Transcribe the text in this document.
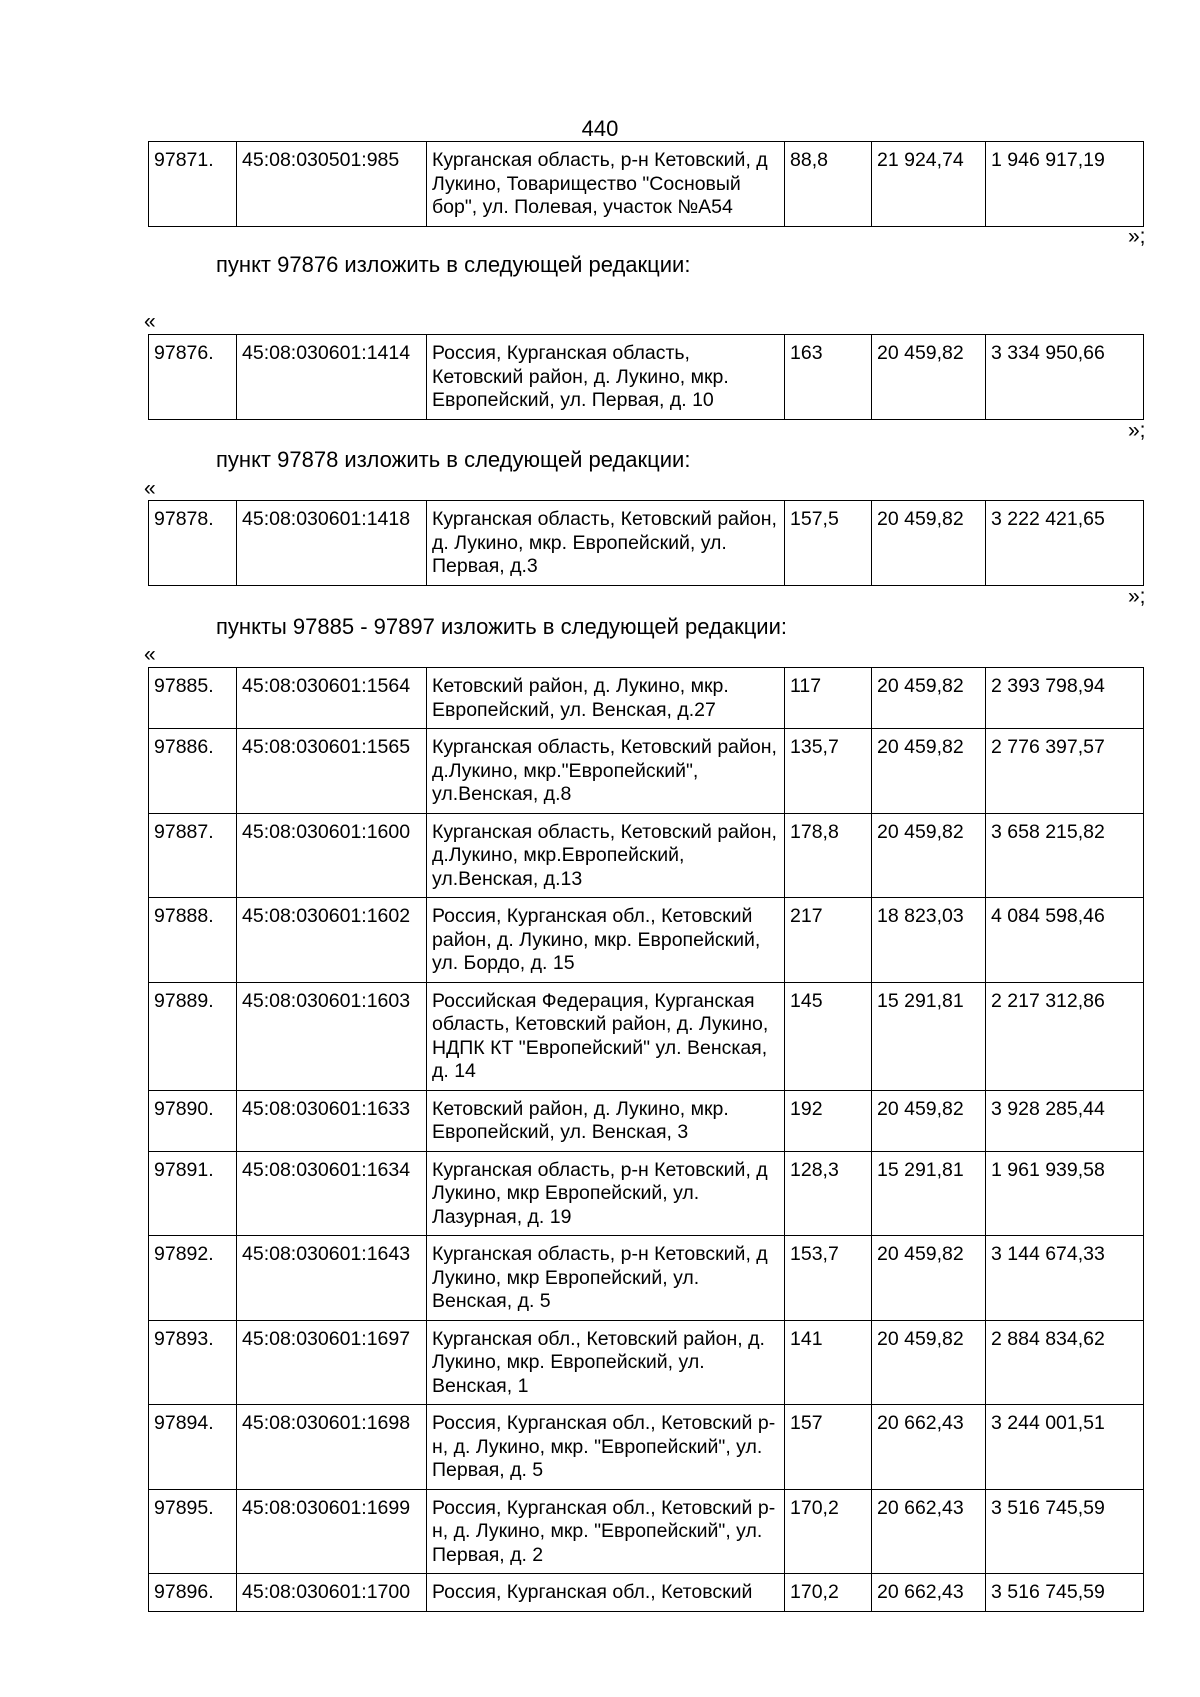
440
97871.	45:08:030501:985	Курганская область, р-н Кетовский, д Лукино, Товарищество "Сосновый бор", ул. Полевая, участок №А54	88,8	21 924,74	1 946 917,19
»;
пункт 97876 изложить в следующей редакции:
«
97876.	45:08:030601:1414	Россия, Курганская область, Кетовский район, д. Лукино, мкр. Европейский, ул. Первая, д. 10	163	20 459,82	3 334 950,66
»;
пункт 97878 изложить в следующей редакции:
«
97878.	45:08:030601:1418	Курганская область, Кетовский район, д. Лукино, мкр. Европейский, ул. Первая, д.3	157,5	20 459,82	3 222 421,65
»;
пункты 97885 - 97897 изложить в следующей редакции:
«
97885.	45:08:030601:1564	Кетовский район, д. Лукино, мкр. Европейский, ул. Венская, д.27	117	20 459,82	2 393 798,94
97886.	45:08:030601:1565	Курганская область, Кетовский район, д.Лукино, мкр."Европейский", ул.Венская, д.8	135,7	20 459,82	2 776 397,57
97887.	45:08:030601:1600	Курганская область, Кетовский район, д.Лукино, мкр.Европейский, ул.Венская, д.13	178,8	20 459,82	3 658 215,82
97888.	45:08:030601:1602	Россия, Курганская обл., Кетовский район, д. Лукино, мкр. Европейский, ул. Бордо, д. 15	217	18 823,03	4 084 598,46
97889.	45:08:030601:1603	Российская Федерация, Курганская область, Кетовский район, д. Лукино, НДПК КТ "Европейский" ул. Венская, д. 14	145	15 291,81	2 217 312,86
97890.	45:08:030601:1633	Кетовский район, д. Лукино, мкр. Европейский, ул. Венская, 3	192	20 459,82	3 928 285,44
97891.	45:08:030601:1634	Курганская область, р-н Кетовский, д Лукино, мкр Европейский, ул. Лазурная, д. 19	128,3	15 291,81	1 961 939,58
97892.	45:08:030601:1643	Курганская область, р-н Кетовский, д Лукино, мкр Европейский, ул. Венская, д. 5	153,7	20 459,82	3 144 674,33
97893.	45:08:030601:1697	Курганская обл., Кетовский район, д. Лукино, мкр. Европейский, ул. Венская, 1	141	20 459,82	2 884 834,62
97894.	45:08:030601:1698	Россия, Курганская обл., Кетовский р-н, д. Лукино, мкр. "Европейский", ул. Первая, д. 5	157	20 662,43	3 244 001,51
97895.	45:08:030601:1699	Россия, Курганская обл., Кетовский р-н, д. Лукино, мкр. "Европейский", ул. Первая, д. 2	170,2	20 662,43	3 516 745,59
97896.	45:08:030601:1700	Россия, Курганская обл., Кетовский	170,2	20 662,43	3 516 745,59
